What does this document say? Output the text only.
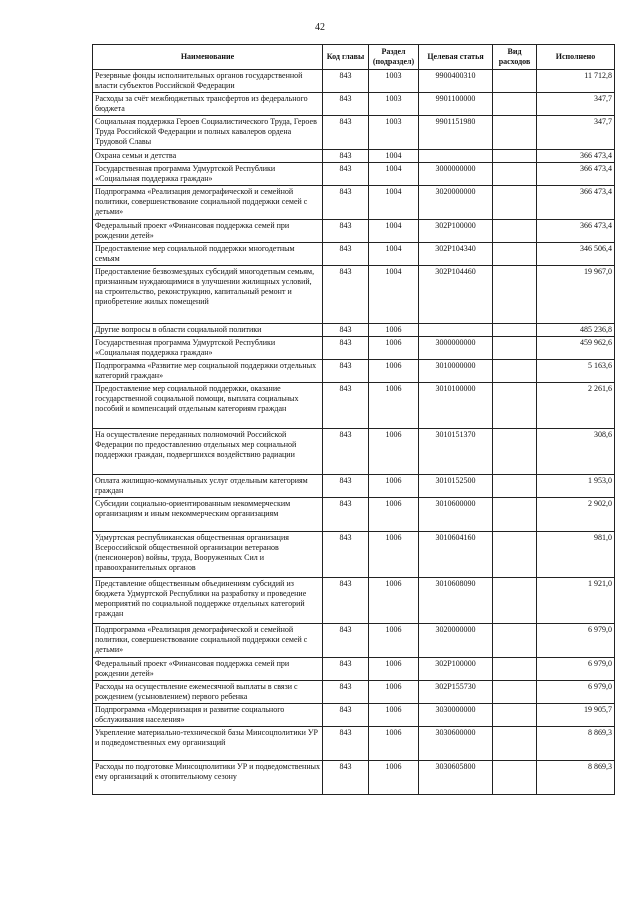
42
Наименование	Код главы	Раздел (подраздел)	Целевая статья	Вид расходов	Исполнено
Резервные фонды исполнительных органов государственной власти субъектов Российской Федерации	843	1003	9900400310		11 712,8
Расходы за счёт межбюджетных трансфертов из федерального бюджета	843	1003	9901100000		347,7
Социальная поддержка Героев Социалистического Труда, Героев Труда Российской Федерации и полных кавалеров ордена Трудовой Славы	843	1003	9901151980		347,7
Охрана семьи и детства	843	1004			366 473,4
Государственная программа Удмуртской Республики «Социальная поддержка граждан»	843	1004	3000000000		366 473,4
Подпрограмма «Реализация демографической и семейной политики, совершенствование социальной поддержки семей с детьми»	843	1004	3020000000		366 473,4
Федеральный проект «Финансовая поддержка семей при рождении детей»	843	1004	302P100000		366 473,4
Предоставление мер социальной поддержки многодетным семьям	843	1004	302P104340		346 506,4
Предоставление безвозмездных субсидий многодетным семьям, признанным нуждающимися в улучшении жилищных условий, на строительство, реконструкцию, капитальный ремонт и приобретение жилых помещений	843	1004	302P104460		19 967,0
Другие вопросы в области социальной политики	843	1006			485 236,8
Государственная программа Удмуртской Республики «Социальная поддержка граждан»	843	1006	3000000000		459 962,6
Подпрограмма «Развитие мер социальной поддержки отдельных категорий граждан»	843	1006	3010000000		5 163,6
Предоставление мер социальной поддержки, оказание государственной социальной помощи, выплата социальных пособий и компенсаций отдельным категориям граждан	843	1006	3010100000		2 261,6
На осуществление переданных полномочий Российской Федерации по предоставлению отдельных мер социальной поддержки граждан, подвергшихся воздействию радиации	843	1006	3010151370		308,6
Оплата жилищно-коммунальных услуг отдельным категориям граждан	843	1006	3010152500		1 953,0
Субсидии социально-ориентированным некоммерческим организациям и иным некоммерческим организациям	843	1006	3010600000		2 902,0
Удмуртская республиканская общественная организация Всероссийской общественной организации ветеранов (пенсионеров) войны, труда, Вооруженных Сил и правоохранительных органов	843	1006	3010604160		981,0
Представление общественным объединениям субсидий из бюджета Удмуртской Республики на разработку и проведение мероприятий по социальной поддержке отдельных категорий граждан	843	1006	3010608090		1 921,0
Подпрограмма «Реализация демографической и семейной политики, совершенствование социальной поддержки семей с детьми»	843	1006	3020000000		6 979,0
Федеральный проект «Финансовая поддержка семей при рождении детей»	843	1006	302P100000		6 979,0
Расходы на осуществление ежемесячной выплаты в связи с рождением (усыновлением) первого ребенка	843	1006	302P155730		6 979,0
Подпрограмма «Модернизация и развитие социального обслуживания населения»	843	1006	3030000000		19 905,7
Укрепление материально-технической базы Минсоцполитики УР и подведомственных ему организаций	843	1006	3030600000		8 869,3
Расходы по подготовке Минсоцполитики УР и подведомственных ему организаций к отопительному сезону	843	1006	3030605800		8 869,3
